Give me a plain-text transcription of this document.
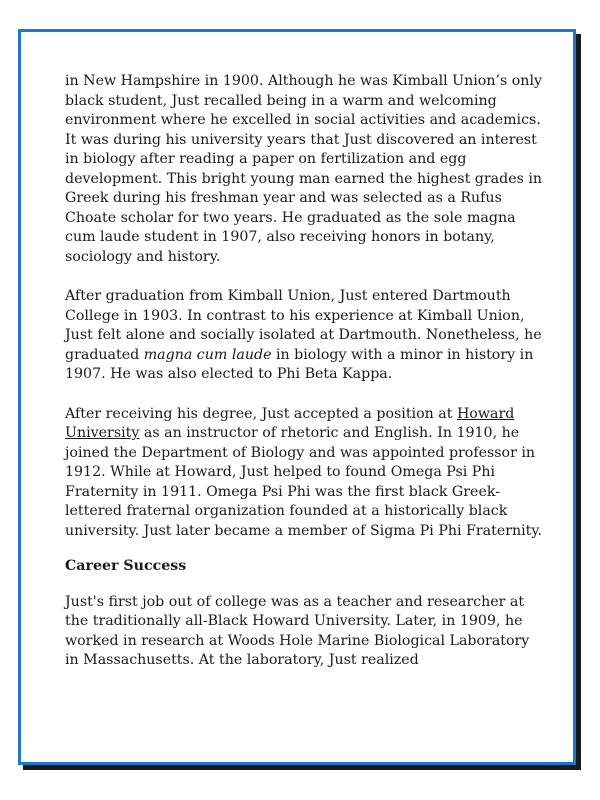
in New Hampshire in 1900. Although he was Kimball Union’s only black student, Just recalled being in a warm and welcoming environment where he excelled in social activities and academics. It was during his university years that Just discovered an interest in biology after reading a paper on fertilization and egg development. This bright young man earned the highest grades in Greek during his freshman year and was selected as a Rufus Choate scholar for two years. He graduated as the sole magna cum laude student in 1907, also receiving honors in botany, sociology and history.

After graduation from Kimball Union, Just entered Dartmouth College in 1903. In contrast to his experience at Kimball Union, Just felt alone and socially isolated at Dartmouth. Nonetheless, he graduated magna cum laude in biology with a minor in history in 1907. He was also elected to Phi Beta Kappa.

After receiving his degree, Just accepted a position at Howard University as an instructor of rhetoric and English. In 1910, he joined the Department of Biology and was appointed professor in 1912. While at Howard, Just helped to found Omega Psi Phi Fraternity in 1911. Omega Psi Phi was the first black Greek-lettered fraternal organization founded at a historically black university. Just later became a member of Sigma Pi Phi Fraternity.

Career Success

Just's first job out of college was as a teacher and researcher at the traditionally all-Black Howard University. Later, in 1909, he worked in research at Woods Hole Marine Biological Laboratory in Massachusetts. At the laboratory, Just realized
